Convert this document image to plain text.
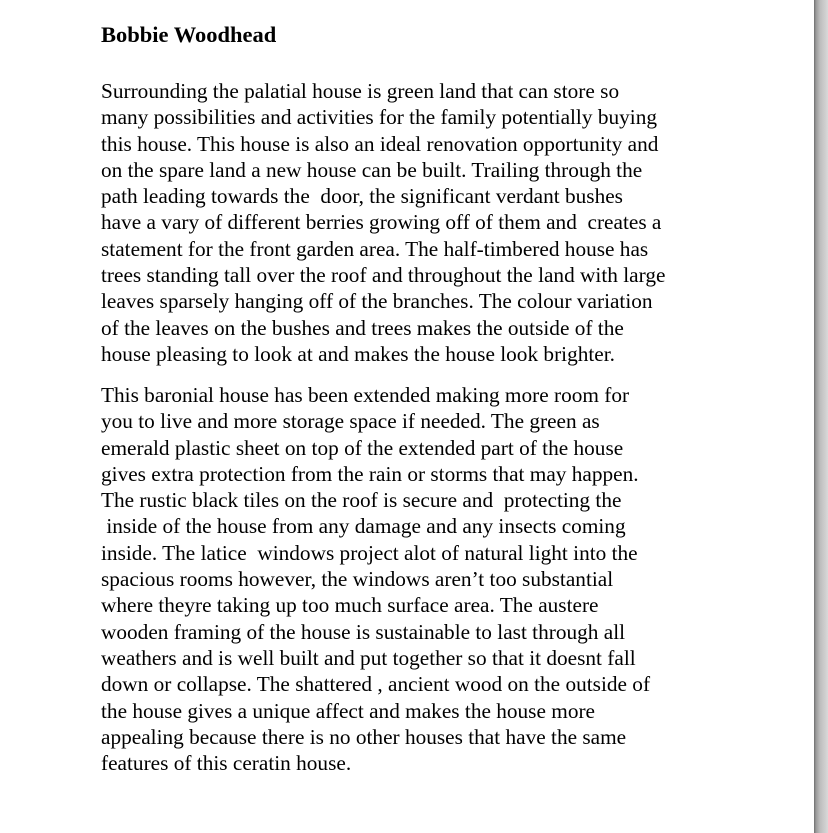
Bobbie Woodhead

Surrounding the palatial house is green land that can store so
many possibilities and activities for the family potentially buying
this house. This house is also an ideal renovation opportunity and
on the spare land a new house can be built. Trailing through the
path leading towards the  door, the significant verdant bushes
have a vary of different berries growing off of them and  creates a
statement for the front garden area. The half-timbered house has
trees standing tall over the roof and throughout the land with large
leaves sparsely hanging off of the branches. The colour variation
of the leaves on the bushes and trees makes the outside of the
house pleasing to look at and makes the house look brighter.

This baronial house has been extended making more room for
you to live and more storage space if needed. The green as
emerald plastic sheet on top of the extended part of the house
gives extra protection from the rain or storms that may happen.
The rustic black tiles on the roof is secure and  protecting the
inside of the house from any damage and any insects coming
inside. The latice  windows project alot of natural light into the
spacious rooms however, the windows aren’t too substantial
where theyre taking up too much surface area. The austere
wooden framing of the house is sustainable to last through all
weathers and is well built and put together so that it doesnt fall
down or collapse. The shattered , ancient wood on the outside of
the house gives a unique affect and makes the house more
appealing because there is no other houses that have the same
features of this ceratin house.
